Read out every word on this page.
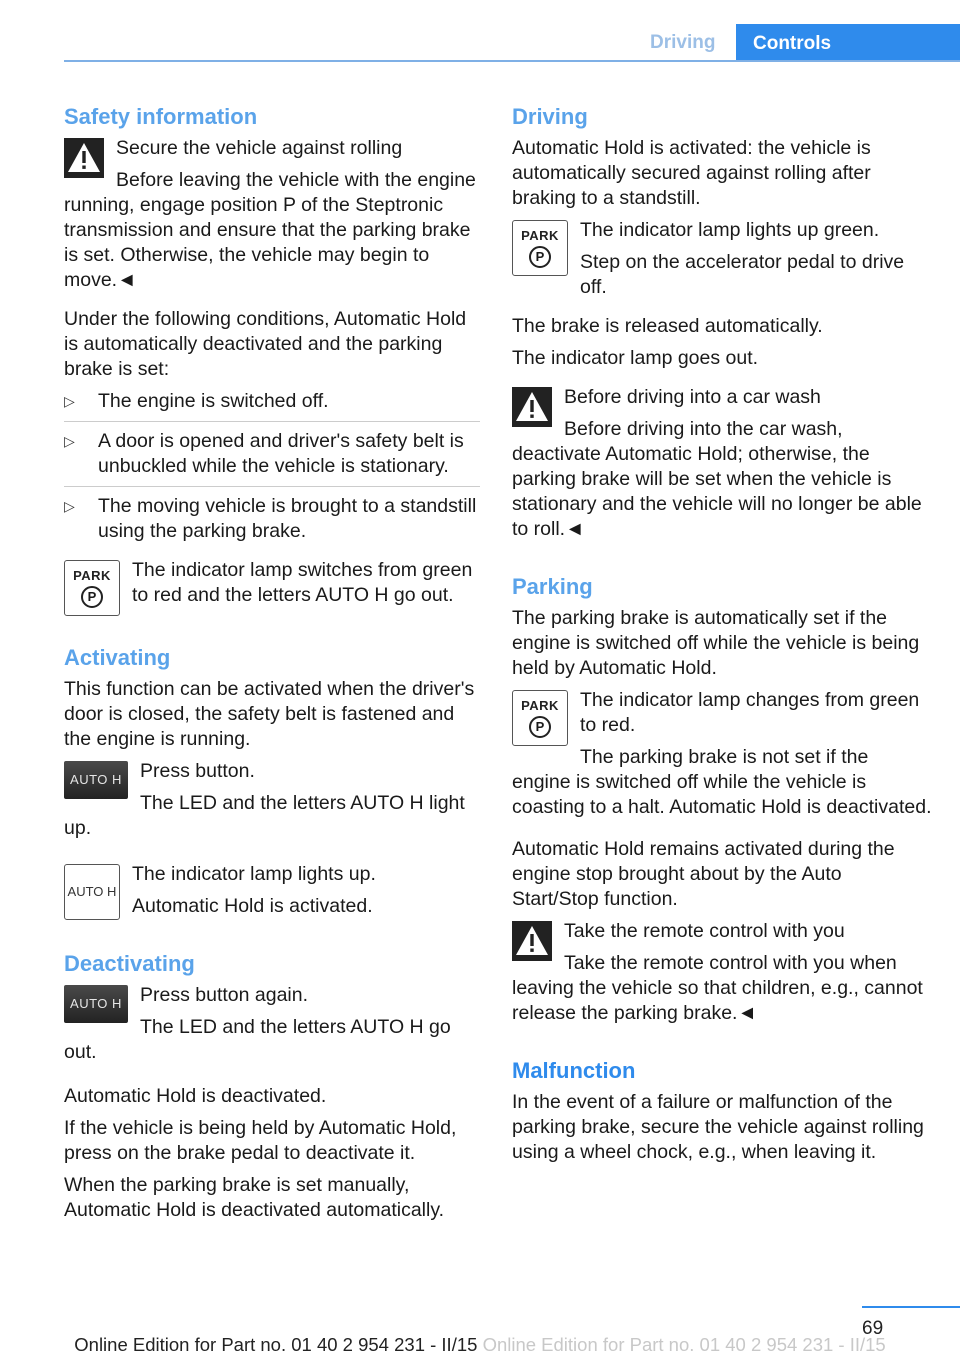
Driving	Controls
Safety information

Secure the vehicle against rolling

Before leaving the vehicle with the engine running, engage position P of the Steptronic transmission and ensure that the parking brake is set. Otherwise, the vehicle may begin to move.◄

Under the following conditions, Automatic Hold is automatically deactivated and the parking brake is set:

▷ The engine is switched off.
▷ A door is opened and driver's safety belt is unbuckled while the vehicle is stationary.
▷ The moving vehicle is brought to a standstill using the parking brake.
PARK
P

The indicator lamp switches from green to red and the letters AUTO H go out.

Activating

This function can be activated when the driver's door is closed, the safety belt is fastened and the engine is running.

AUTO H Press button.

The LED and the letters AUTO H light up.

AUTO H

The indicator lamp lights up.

Automatic Hold is activated.

Deactivating
AUTO H Press button again.

The LED and the letters AUTO H go out.

Automatic Hold is deactivated.

If the vehicle is being held by Automatic Hold, press on the brake pedal to deactivate it.

When the parking brake is set manually, Automatic Hold is deactivated automatically.

Driving

Automatic Hold is activated: the vehicle is automatically secured against rolling after braking to a standstill.

PARK
P

The indicator lamp lights up green.

Step on the accelerator pedal to drive off.

The brake is released automatically.

The indicator lamp goes out.

Before driving into a car wash

Before driving into the car wash, deactivate Automatic Hold; otherwise, the parking brake will be set when the vehicle is stationary and the vehicle will no longer be able to roll.◄

Parking

The parking brake is automatically set if the engine is switched off while the vehicle is being held by Automatic Hold.

PARK
P

The indicator lamp changes from green to red.

The parking brake is not set if the engine is switched off while the vehicle is coasting to a halt. Automatic Hold is deactivated.

Automatic Hold remains activated during the engine stop brought about by the Auto Start/Stop function.

Take the remote control with you

Take the remote control with you when leaving the vehicle so that children, e.g., cannot release the parking brake.◄

Malfunction

In the event of a failure or malfunction of the parking brake, secure the vehicle against rolling using a wheel chock, e.g., when leaving it.

69
Online Edition for Part no. 01 40 2 954 231 - II/15 Online Edition for Part no. 01 40 2 954 231 - II/15
